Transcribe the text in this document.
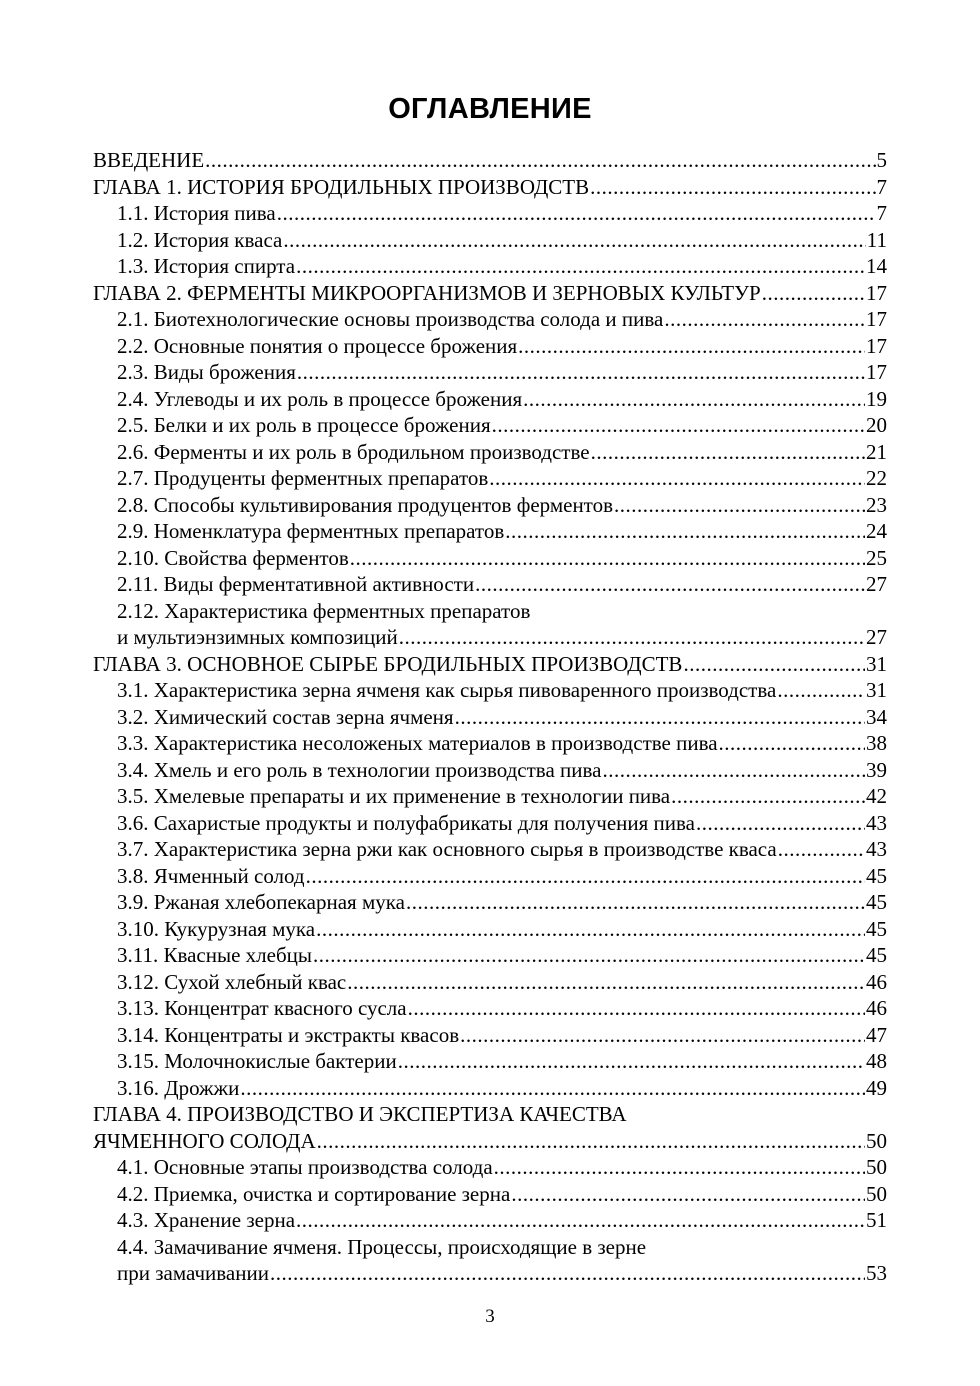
ОГЛАВЛЕНИЕ
ВВЕДЕНИЕ .....	5
ГЛАВА 1. ИСТОРИЯ БРОДИЛЬНЫХ ПРОИЗВОДСТВ .....	7
1.1. История пива .....	7
1.2. История кваса .....	11
1.3. История спирта .....	14
ГЛАВА 2. ФЕРМЕНТЫ МИКРООРГАНИЗМОВ И ЗЕРНОВЫХ КУЛЬТУР .....	17
2.1. Биотехнологические основы производства солода и пива .....	17
2.2. Основные понятия о процессе брожения .....	17
2.3. Виды брожения .....	17
2.4. Углеводы и их роль в процессе брожения .....	19
2.5. Белки и их роль в процессе брожения .....	20
2.6. Ферменты и их роль в бродильном производстве .....	21
2.7. Продуценты ферментных препаратов .....	22
2.8. Способы культивирования продуцентов ферментов .....	23
2.9. Номенклатура ферментных препаратов .....	24
2.10. Свойства ферментов .....	25
2.11. Виды ферментативной активности .....	27
2.12. Характеристика ферментных препаратов
и мультиэнзимных композиций .....	27
ГЛАВА 3. ОСНОВНОЕ СЫРЬЕ БРОДИЛЬНЫХ ПРОИЗВОДСТВ .....	31
3.1. Характеристика зерна ячменя как сырья пивоваренного производства .....	31
3.2. Химический состав зерна ячменя .....	34
3.3. Характеристика несоложеных материалов в производстве пива .....	38
3.4. Хмель и его роль в технологии производства пива .....	39
3.5. Хмелевые препараты и их применение в технологии пива .....	42
3.6. Сахаристые продукты и полуфабрикаты для получения пива .....	43
3.7. Характеристика зерна ржи как основного сырья в производстве кваса .....	43
3.8. Ячменный солод .....	45
3.9. Ржаная хлебопекарная мука .....	45
3.10. Кукурузная мука .....	45
3.11. Квасные хлебцы .....	45
3.12. Сухой хлебный квас .....	46
3.13. Концентрат квасного сусла .....	46
3.14. Концентраты и экстракты квасов .....	47
3.15. Молочнокислые бактерии .....	48
3.16. Дрожжи .....	49
ГЛАВА 4. ПРОИЗВОДСТВО И ЭКСПЕРТИЗА КАЧЕСТВА
ЯЧМЕННОГО СОЛОДА .....	50
4.1. Основные этапы производства солода .....	50
4.2. Приемка, очистка и сортирование зерна .....	50
4.3. Хранение зерна .....	51
4.4. Замачивание ячменя. Процессы, происходящие в зерне
при замачивании .....	53
3
